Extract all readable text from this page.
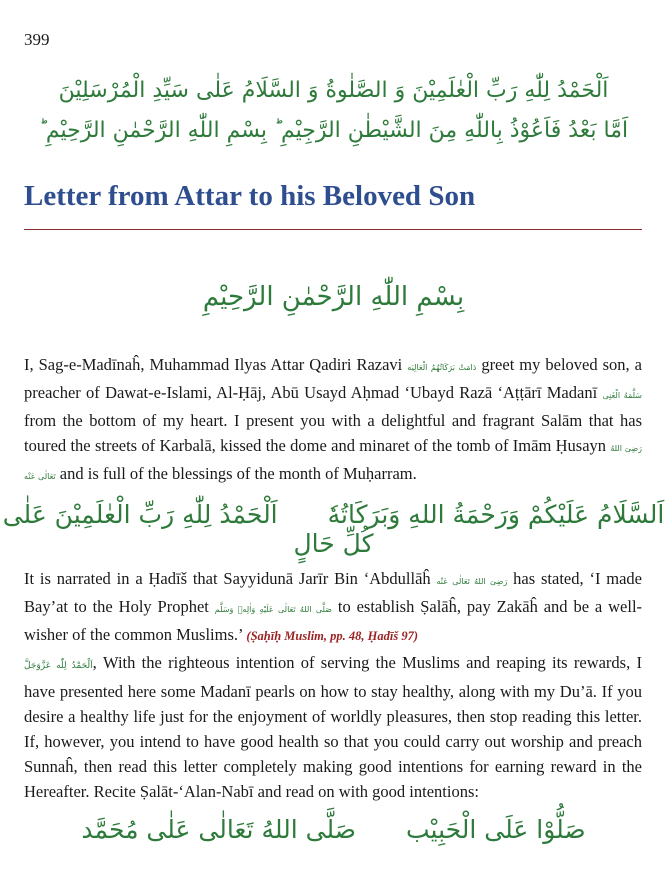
399
اَلْحَمْدُ لِلّٰهِ رَبِّ الْعٰلَمِيْنَ وَ الصَّلٰوةُ وَ السَّلَامُ عَلٰى سَيِّدِ الْمُرْسَلِيْنَ
اَمَّا بَعْدُ فَاَعُوْذُ بِاللّٰهِ مِنَ الشَّيْطٰنِ الرَّجِيْمِ ؕ بِسْمِ اللّٰهِ الرَّحْمٰنِ الرَّحِيْمِ ؕ
Letter from Attar to his Beloved Son
بِسْمِ اللّٰهِ الرَّحْمٰنِ الرَّحِيْمِ

I, Sag-e-Madīnaĥ, Muhammad Ilyas Attar Qadiri Razavi دَامَتْ بَرَكَاتُهُمُ الْعَالِيَه greet my beloved son, a preacher of Dawat-e-Islami, Al-Ḥāj, Abū Usayd Aḥmad ‘Ubayd Razā ‘Aṭṭārī Madanī سَلَّمَهُ الْغَنِی from the bottom of my heart. I present you with a delightful and fragrant Salām that has toured the streets of Karbalā, kissed the dome and minaret of the tomb of Imām Ḥusayn رَضِیَ اللهُ تَعَالٰی عَنْه and is full of the blessings of the month of Muḥarram.

اَلسَّلَامُ عَلَيْكُمْ وَرَحْمَةُ اللهِ وَبَرَكَاتُهٗاَلْحَمْدُ لِلّٰهِ رَبِّ الْعٰلَمِيْنَ عَلٰى كُلِّ حَالٍ

It is narrated in a Ḥadīš that Sayyidunā Jarīr Bin ‘Abdullāĥ رَضِیَ اللهُ تَعَالٰی عَنْه has stated, ‘I made Bay’at to the Holy Prophet صَلَّی اللهُ تَعَالٰی عَلَيْهِ وَاٰلِهٖ وَسَلَّم to establish Ṣalāĥ, pay Zakāĥ and be a well-wisher of the common Muslims.’ (Ṣaḥīḥ Muslim, pp. 48, Ḥadīš 97)

اَلْحَمْدُ لِلّٰه عَزَّوَجَلَّ, With the righteous intention of serving the Muslims and reaping its rewards, I have presented here some Madanī pearls on how to stay healthy, along with my Du’ā. If you desire a healthy life just for the enjoyment of worldly pleasures, then stop reading this letter. If, however, you intend to have good health so that you could carry out worship and preach Sunnaĥ, then read this letter completely making good intentions for earning reward in the Hereafter. Recite Ṣalāt-‘Alan-Nabī and read on with good intentions:

صَلُّوْا عَلَى الْحَبِيْبصَلَّى اللهُ تَعَالٰى عَلٰى مُحَمَّد
